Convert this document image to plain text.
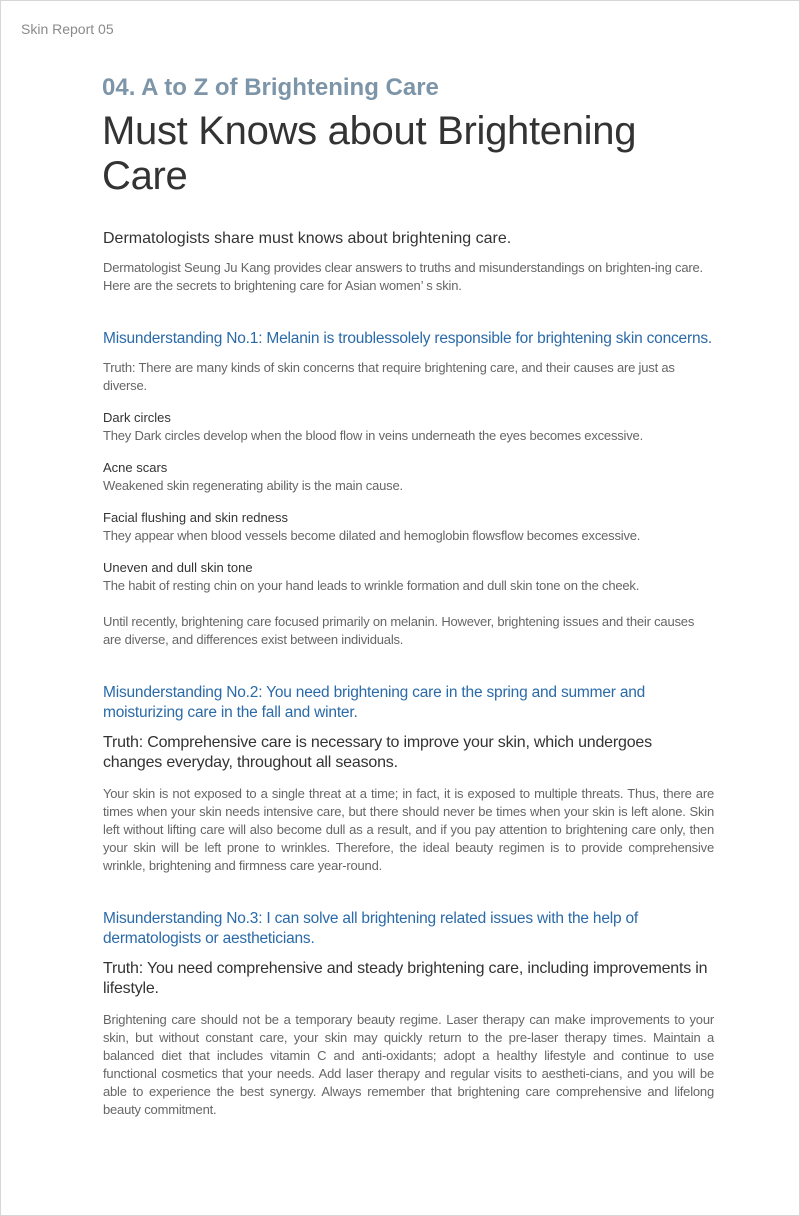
Skin Report 05
04. A to Z of Brightening Care
Must Knows about Brightening Care

Dermatologists share must knows about brightening care.

Dermatologist Seung Ju Kang provides clear answers to truths and misunderstandings on brighten-ing care. Here are the secrets to brightening care for Asian women’ s skin.

Misunderstanding No.1: Melanin is troublessolely responsible for brightening skin concerns.

Truth: There are many kinds of skin concerns that require brightening care, and their causes are just as diverse.

Dark circles
They Dark circles develop when the blood flow in veins underneath the eyes becomes excessive.
Acne scars
Weakened skin regenerating ability is the main cause.
Facial flushing and skin redness
They appear when blood vessels become dilated and hemoglobin flowsflow becomes excessive.
Uneven and dull skin tone
The habit of resting chin on your hand leads to wrinkle formation and dull skin tone on the cheek.

Until recently, brightening care focused primarily on melanin. However, brightening issues and their causes are diverse, and differences exist between individuals.

Misunderstanding No.2: You need brightening care in the spring and summer and moisturizing care in the fall and winter.

Truth: Comprehensive care is necessary to improve your skin, which undergoes changes everyday, throughout all seasons.

Your skin is not exposed to a single threat at a time; in fact, it is exposed to multiple threats. Thus, there are times when your skin needs intensive care, but there should never be times when your skin is left alone. Skin left without lifting care will also become dull as a result, and if you pay attention to brightening care only, then your skin will be left prone to wrinkles. Therefore, the ideal beauty regimen is to provide comprehensive wrinkle, brightening and firmness care year-round.

Misunderstanding No.3: I can solve all brightening related issues with the help of dermatologists or aestheticians.

Truth: You need comprehensive and steady brightening care, including improvements in lifestyle.

Brightening care should not be a temporary beauty regime. Laser therapy can make improvements to your skin, but without constant care, your skin may quickly return to the pre-laser therapy times. Maintain a balanced diet that includes vitamin C and anti-oxidants; adopt a healthy lifestyle and continue to use functional cosmetics that your needs. Add laser therapy and regular visits to aestheti-cians, and you will be able to experience the best synergy. Always remember that brightening care comprehensive and lifelong beauty commitment.
